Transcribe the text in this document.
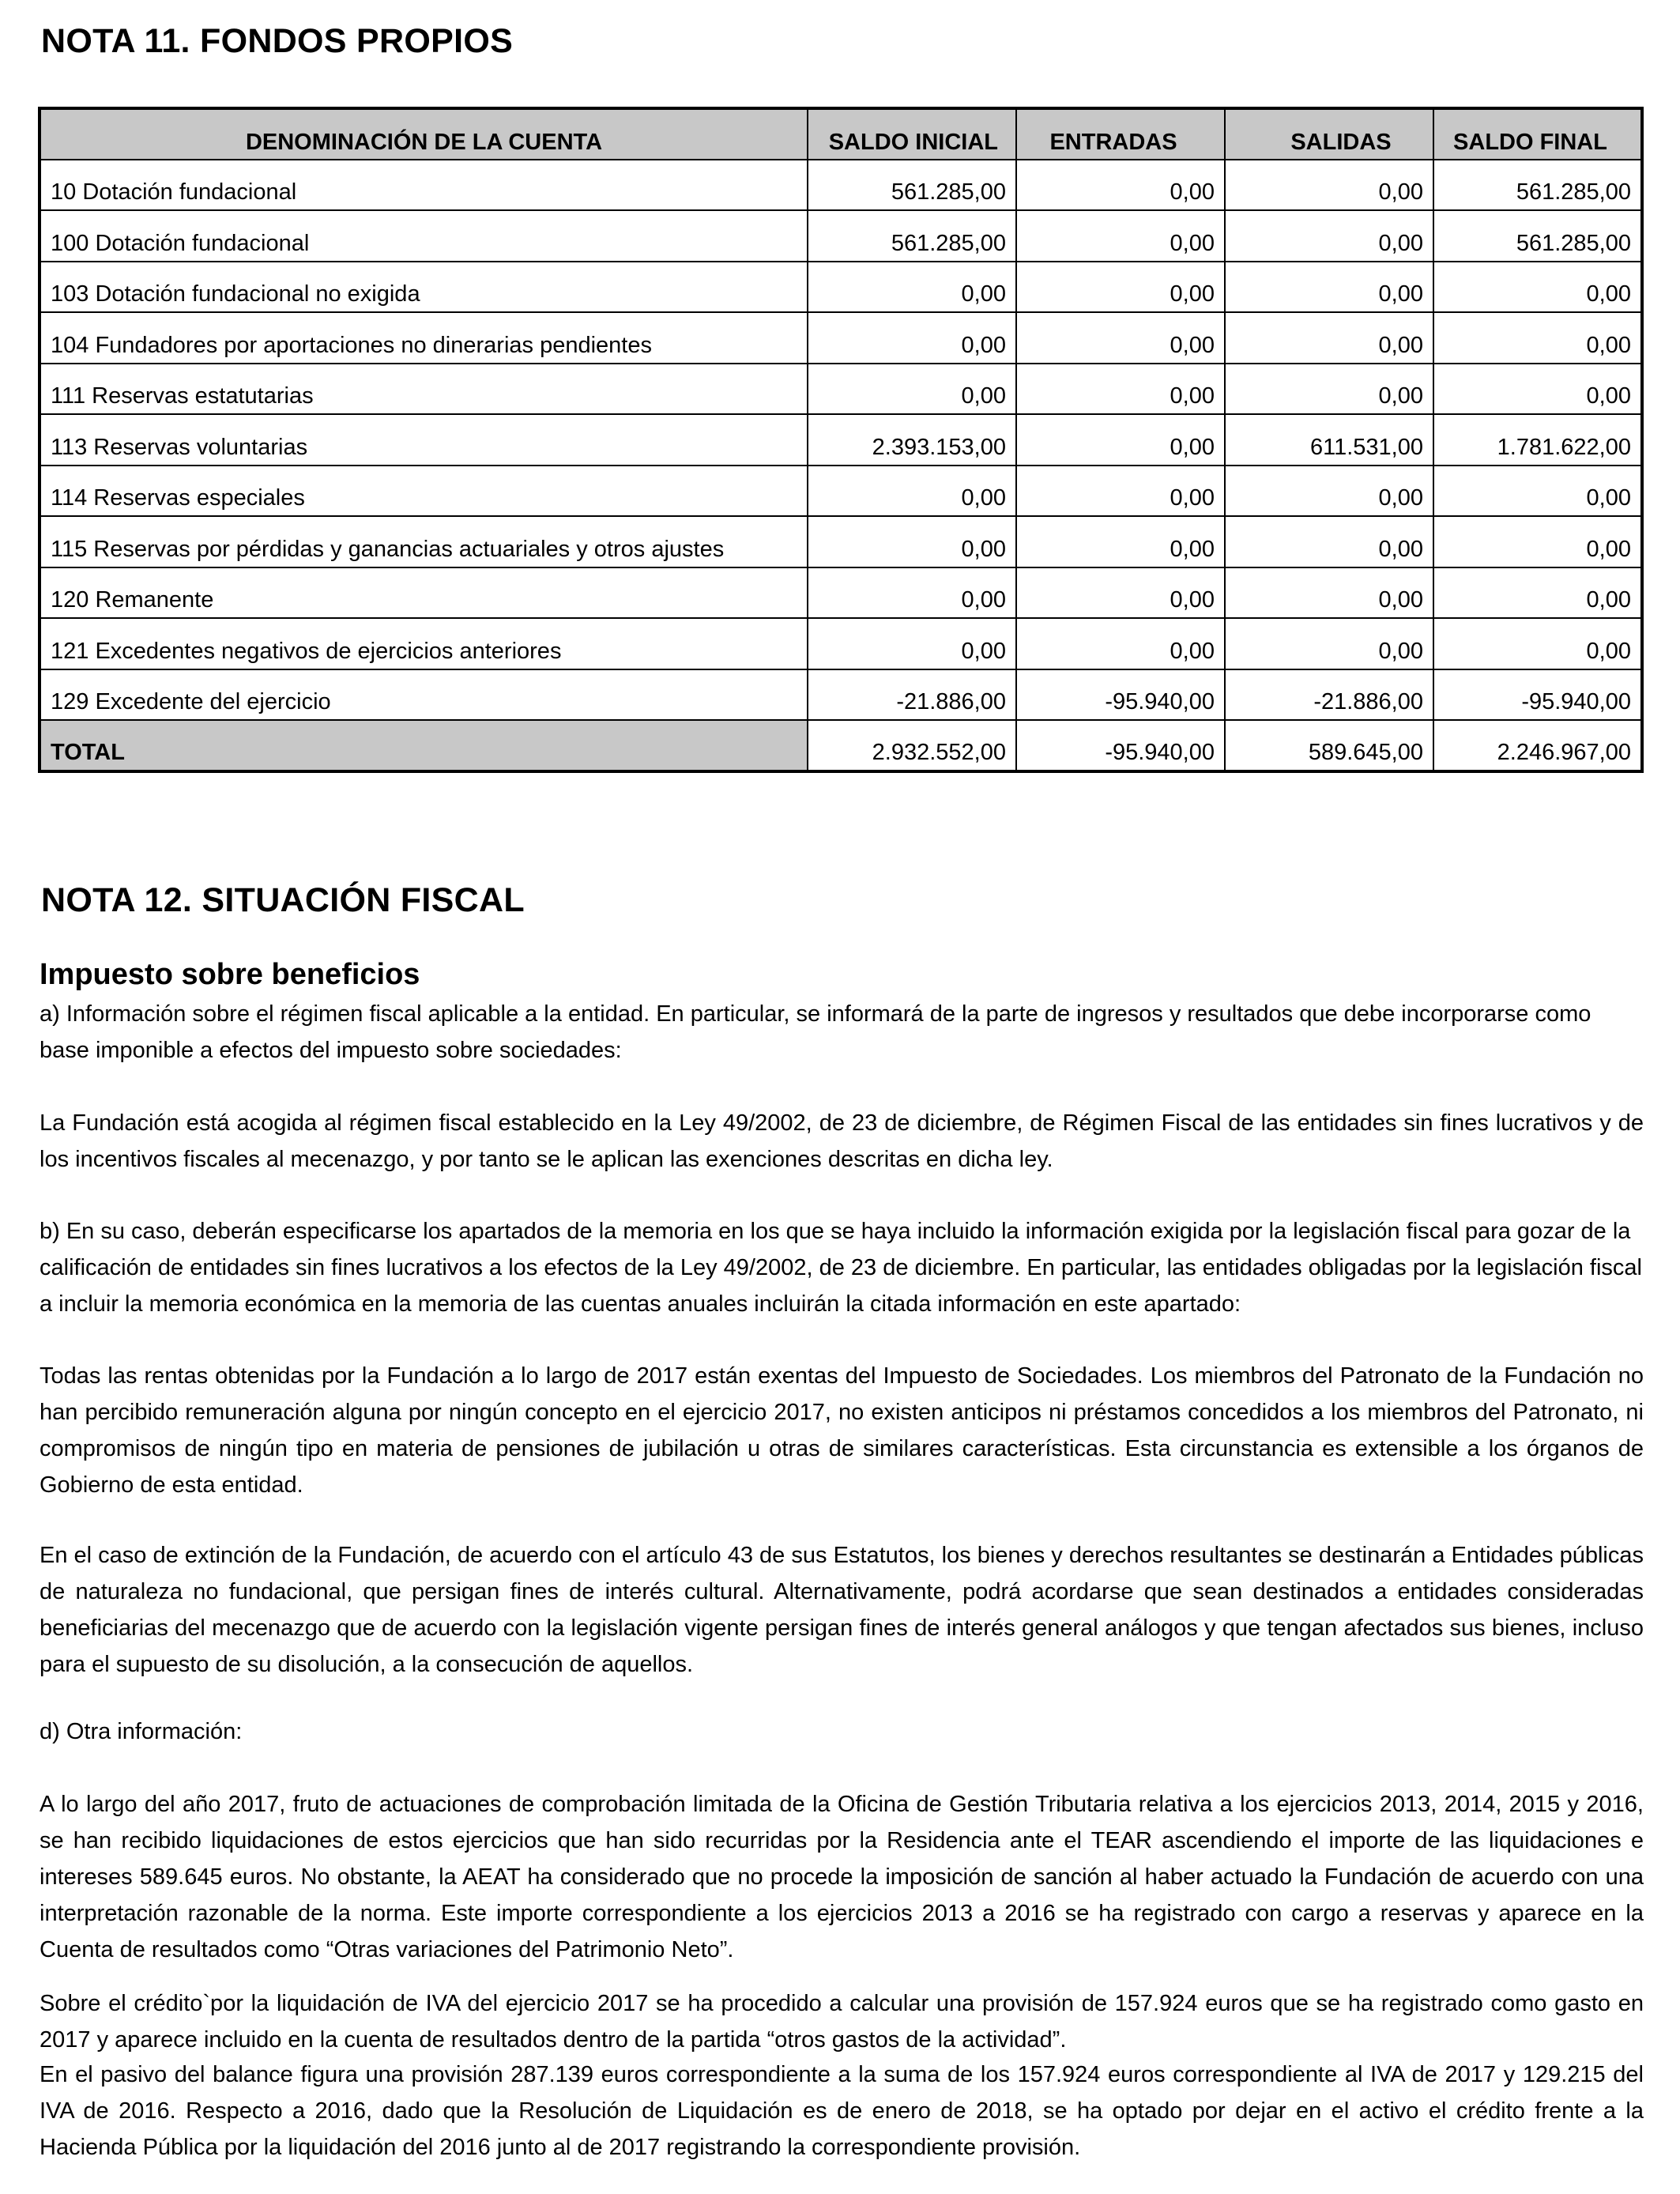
NOTA 11. FONDOS PROPIOS
DENOMINACIÓN DE LA CUENTA	SALDO INICIAL	ENTRADAS	SALIDAS	SALDO FINAL
10 Dotación fundacional	561.285,00	0,00	0,00	561.285,00
100 Dotación fundacional	561.285,00	0,00	0,00	561.285,00
103 Dotación fundacional no exigida	0,00	0,00	0,00	0,00
104 Fundadores por aportaciones no dinerarias pendientes	0,00	0,00	0,00	0,00
111 Reservas estatutarias	0,00	0,00	0,00	0,00
113 Reservas voluntarias	2.393.153,00	0,00	611.531,00	1.781.622,00
114 Reservas especiales	0,00	0,00	0,00	0,00
115 Reservas por pérdidas y ganancias actuariales y otros ajustes	0,00	0,00	0,00	0,00
120 Remanente	0,00	0,00	0,00	0,00
121 Excedentes negativos de ejercicios anteriores	0,00	0,00	0,00	0,00
129 Excedente del ejercicio	-21.886,00	-95.940,00	-21.886,00	-95.940,00
TOTAL	2.932.552,00	-95.940,00	589.645,00	2.246.967,00
NOTA 12. SITUACIÓN FISCAL
Impuesto sobre beneficios

a) Información sobre el régimen fiscal aplicable a la entidad. En particular, se informará de la parte de ingresos y resultados que debe incorporarse como base imponible a efectos del impuesto sobre sociedades:

La Fundación está acogida al régimen fiscal establecido en la Ley 49/2002, de 23 de diciembre, de Régimen Fiscal de las entidades sin fines lucrativos y de los incentivos fiscales al mecenazgo, y por tanto se le aplican las exenciones descritas en dicha ley.

b) En su caso, deberán especificarse los apartados de la memoria en los que se haya incluido la información exigida por la legislación fiscal para gozar de la calificación de entidades sin fines lucrativos a los efectos de la Ley 49/2002, de 23 de diciembre. En particular, las entidades obligadas por la legislación fiscal a incluir la memoria económica en la memoria de las cuentas anuales incluirán la citada información en este apartado:

Todas las rentas obtenidas por la Fundación a lo largo de 2017 están exentas del Impuesto de Sociedades. Los miembros del Patronato de la Fundación no han percibido remuneración alguna por ningún concepto en el ejercicio 2017, no existen anticipos ni préstamos concedidos a los miembros del Patronato, ni compromisos de ningún tipo en materia de pensiones de jubilación u otras de similares características. Esta circunstancia es extensible a los órganos de Gobierno de esta entidad.

En el caso de extinción de la Fundación, de acuerdo con el artículo 43 de sus Estatutos, los bienes y derechos resultantes se destinarán a Entidades públicas de naturaleza no fundacional, que persigan fines de interés cultural. Alternativamente, podrá acordarse que sean destinados a entidades consideradas beneficiarias del mecenazgo que de acuerdo con la legislación vigente persigan fines de interés general análogos y que tengan afectados sus bienes, incluso para el supuesto de su disolución, a la consecución de aquellos.

d) Otra información:

A lo largo del año 2017, fruto de actuaciones de comprobación limitada de la Oficina de Gestión Tributaria relativa a los ejercicios 2013, 2014, 2015 y 2016, se han recibido liquidaciones de estos ejercicios que han sido recurridas por la Residencia ante el TEAR ascendiendo el importe de las liquidaciones e intereses 589.645 euros. No obstante, la AEAT ha considerado que no procede la imposición de sanción al haber actuado la Fundación de acuerdo con una interpretación razonable de la norma. Este importe correspondiente a los ejercicios 2013 a 2016 se ha registrado con cargo a reservas y aparece en la Cuenta de resultados como “Otras variaciones del Patrimonio Neto”.

Sobre el crédito`por la liquidación de IVA del ejercicio 2017 se ha procedido a calcular una provisión de 157.924 euros que se ha registrado como gasto en 2017 y aparece incluido en la cuenta de resultados dentro de la partida “otros gastos de la actividad”.

En el pasivo del balance figura una provisión 287.139 euros correspondiente a la suma de los 157.924 euros correspondiente al IVA de 2017 y 129.215 del IVA de 2016. Respecto a 2016, dado que la Resolución de Liquidación es de enero de 2018, se ha optado por dejar en el activo el crédito frente a la Hacienda Pública por la liquidación del 2016 junto al de 2017 registrando la correspondiente provisión.
